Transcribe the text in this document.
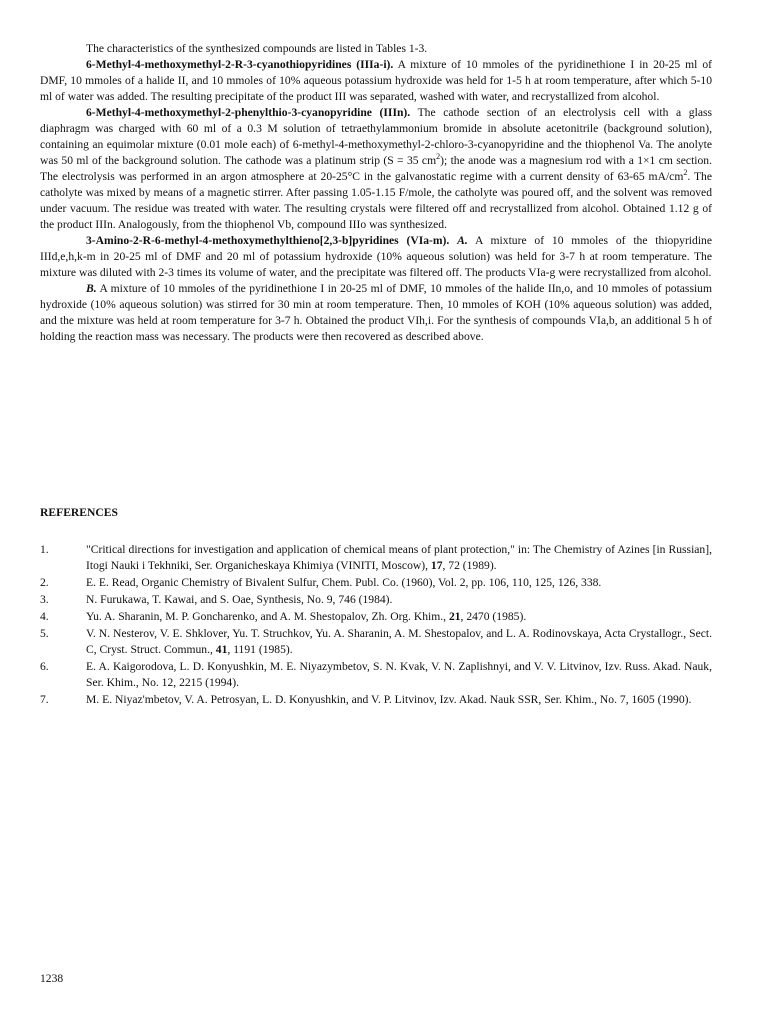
The characteristics of the synthesized compounds are listed in Tables 1-3.

6-Methyl-4-methoxymethyl-2-R-3-cyanothiopyridines (IIIa-i). A mixture of 10 mmoles of the pyridinethione I in 20-25 ml of DMF, 10 mmoles of a halide II, and 10 mmoles of 10% aqueous potassium hydroxide was held for 1-5 h at room temperature, after which 5-10 ml of water was added. The resulting precipitate of the product III was separated, washed with water, and recrystallized from alcohol.

6-Methyl-4-methoxymethyl-2-phenylthio-3-cyanopyridine (IIIn). The cathode section of an electrolysis cell with a glass diaphragm was charged with 60 ml of a 0.3 M solution of tetraethylammonium bromide in absolute acetonitrile (background solution), containing an equimolar mixture (0.01 mole each) of 6-methyl-4-methoxymethyl-2-chloro-3-cyanopyridine and the thiophenol Va. The anolyte was 50 ml of the background solution. The cathode was a platinum strip (S = 35 $cm^2$); the anode was a magnesium rod with a 1×1 cm section. The electrolysis was performed in an argon atmosphere at 20-25°C in the galvanostatic regime with a current density of 63-65 $mA/cm^2$. The catholyte was mixed by means of a magnetic stirrer. After passing 1.05-1.15 F/mole, the catholyte was poured off, and the solvent was removed under vacuum. The residue was treated with water. The resulting crystals were filtered off and recrystallized from alcohol. Obtained 1.12 g of the product IIIn. Analogously, from the thiophenol Vb, compound IIIo was synthesized.

3-Amino-2-R-6-methyl-4-methoxymethylthieno[2,3-b]pyridines (VIa-m). A. A mixture of 10 mmoles of the thiopyridine IIId,e,h,k-m in 20-25 ml of DMF and 20 ml of potassium hydroxide (10% aqueous solution) was held for 3-7 h at room temperature. The mixture was diluted with 2-3 times its volume of water, and the precipitate was filtered off. The products VIa-g were recrystallized from alcohol.

B. A mixture of 10 mmoles of the pyridinethione I in 20-25 ml of DMF, 10 mmoles of the halide IIn,o, and 10 mmoles of potassium hydroxide (10% aqueous solution) was stirred for 30 min at room temperature. Then, 10 mmoles of KOH (10% aqueous solution) was added, and the mixture was held at room temperature for 3-7 h. Obtained the product VIh,i. For the synthesis of compounds VIa,b, an additional 5 h of holding the reaction mass was necessary. The products were then recovered as described above.

REFERENCES
1.	"Critical directions for investigation and application of chemical means of plant protection," in: The Chemistry of Azines [in Russian], Itogi Nauki i Tekhniki, Ser. Organicheskaya Khimiya (VINITI, Moscow), 17, 72 (1989).
2.	E. E. Read, Organic Chemistry of Bivalent Sulfur, Chem. Publ. Co. (1960), Vol. 2, pp. 106, 110, 125, 126, 338.
3.	N. Furukawa, T. Kawai, and S. Oae, Synthesis, No. 9, 746 (1984).
4.	Yu. A. Sharanin, M. P. Goncharenko, and A. M. Shestopalov, Zh. Org. Khim., 21, 2470 (1985).
5.	V. N. Nesterov, V. E. Shklover, Yu. T. Struchkov, Yu. A. Sharanin, A. M. Shestopalov, and L. A. Rodinovskaya, Acta Crystallogr., Sect. C, Cryst. Struct. Commun., 41, 1191 (1985).
6.	E. A. Kaigorodova, L. D. Konyushkin, M. E. Niyazymbetov, S. N. Kvak, V. N. Zaplishnyi, and V. V. Litvinov, Izv. Russ. Akad. Nauk, Ser. Khim., No. 12, 2215 (1994).
7.	M. E. Niyaz'mbetov, V. A. Petrosyan, L. D. Konyushkin, and V. P. Litvinov, Izv. Akad. Nauk SSR, Ser. Khim., No. 7, 1605 (1990).
1238
